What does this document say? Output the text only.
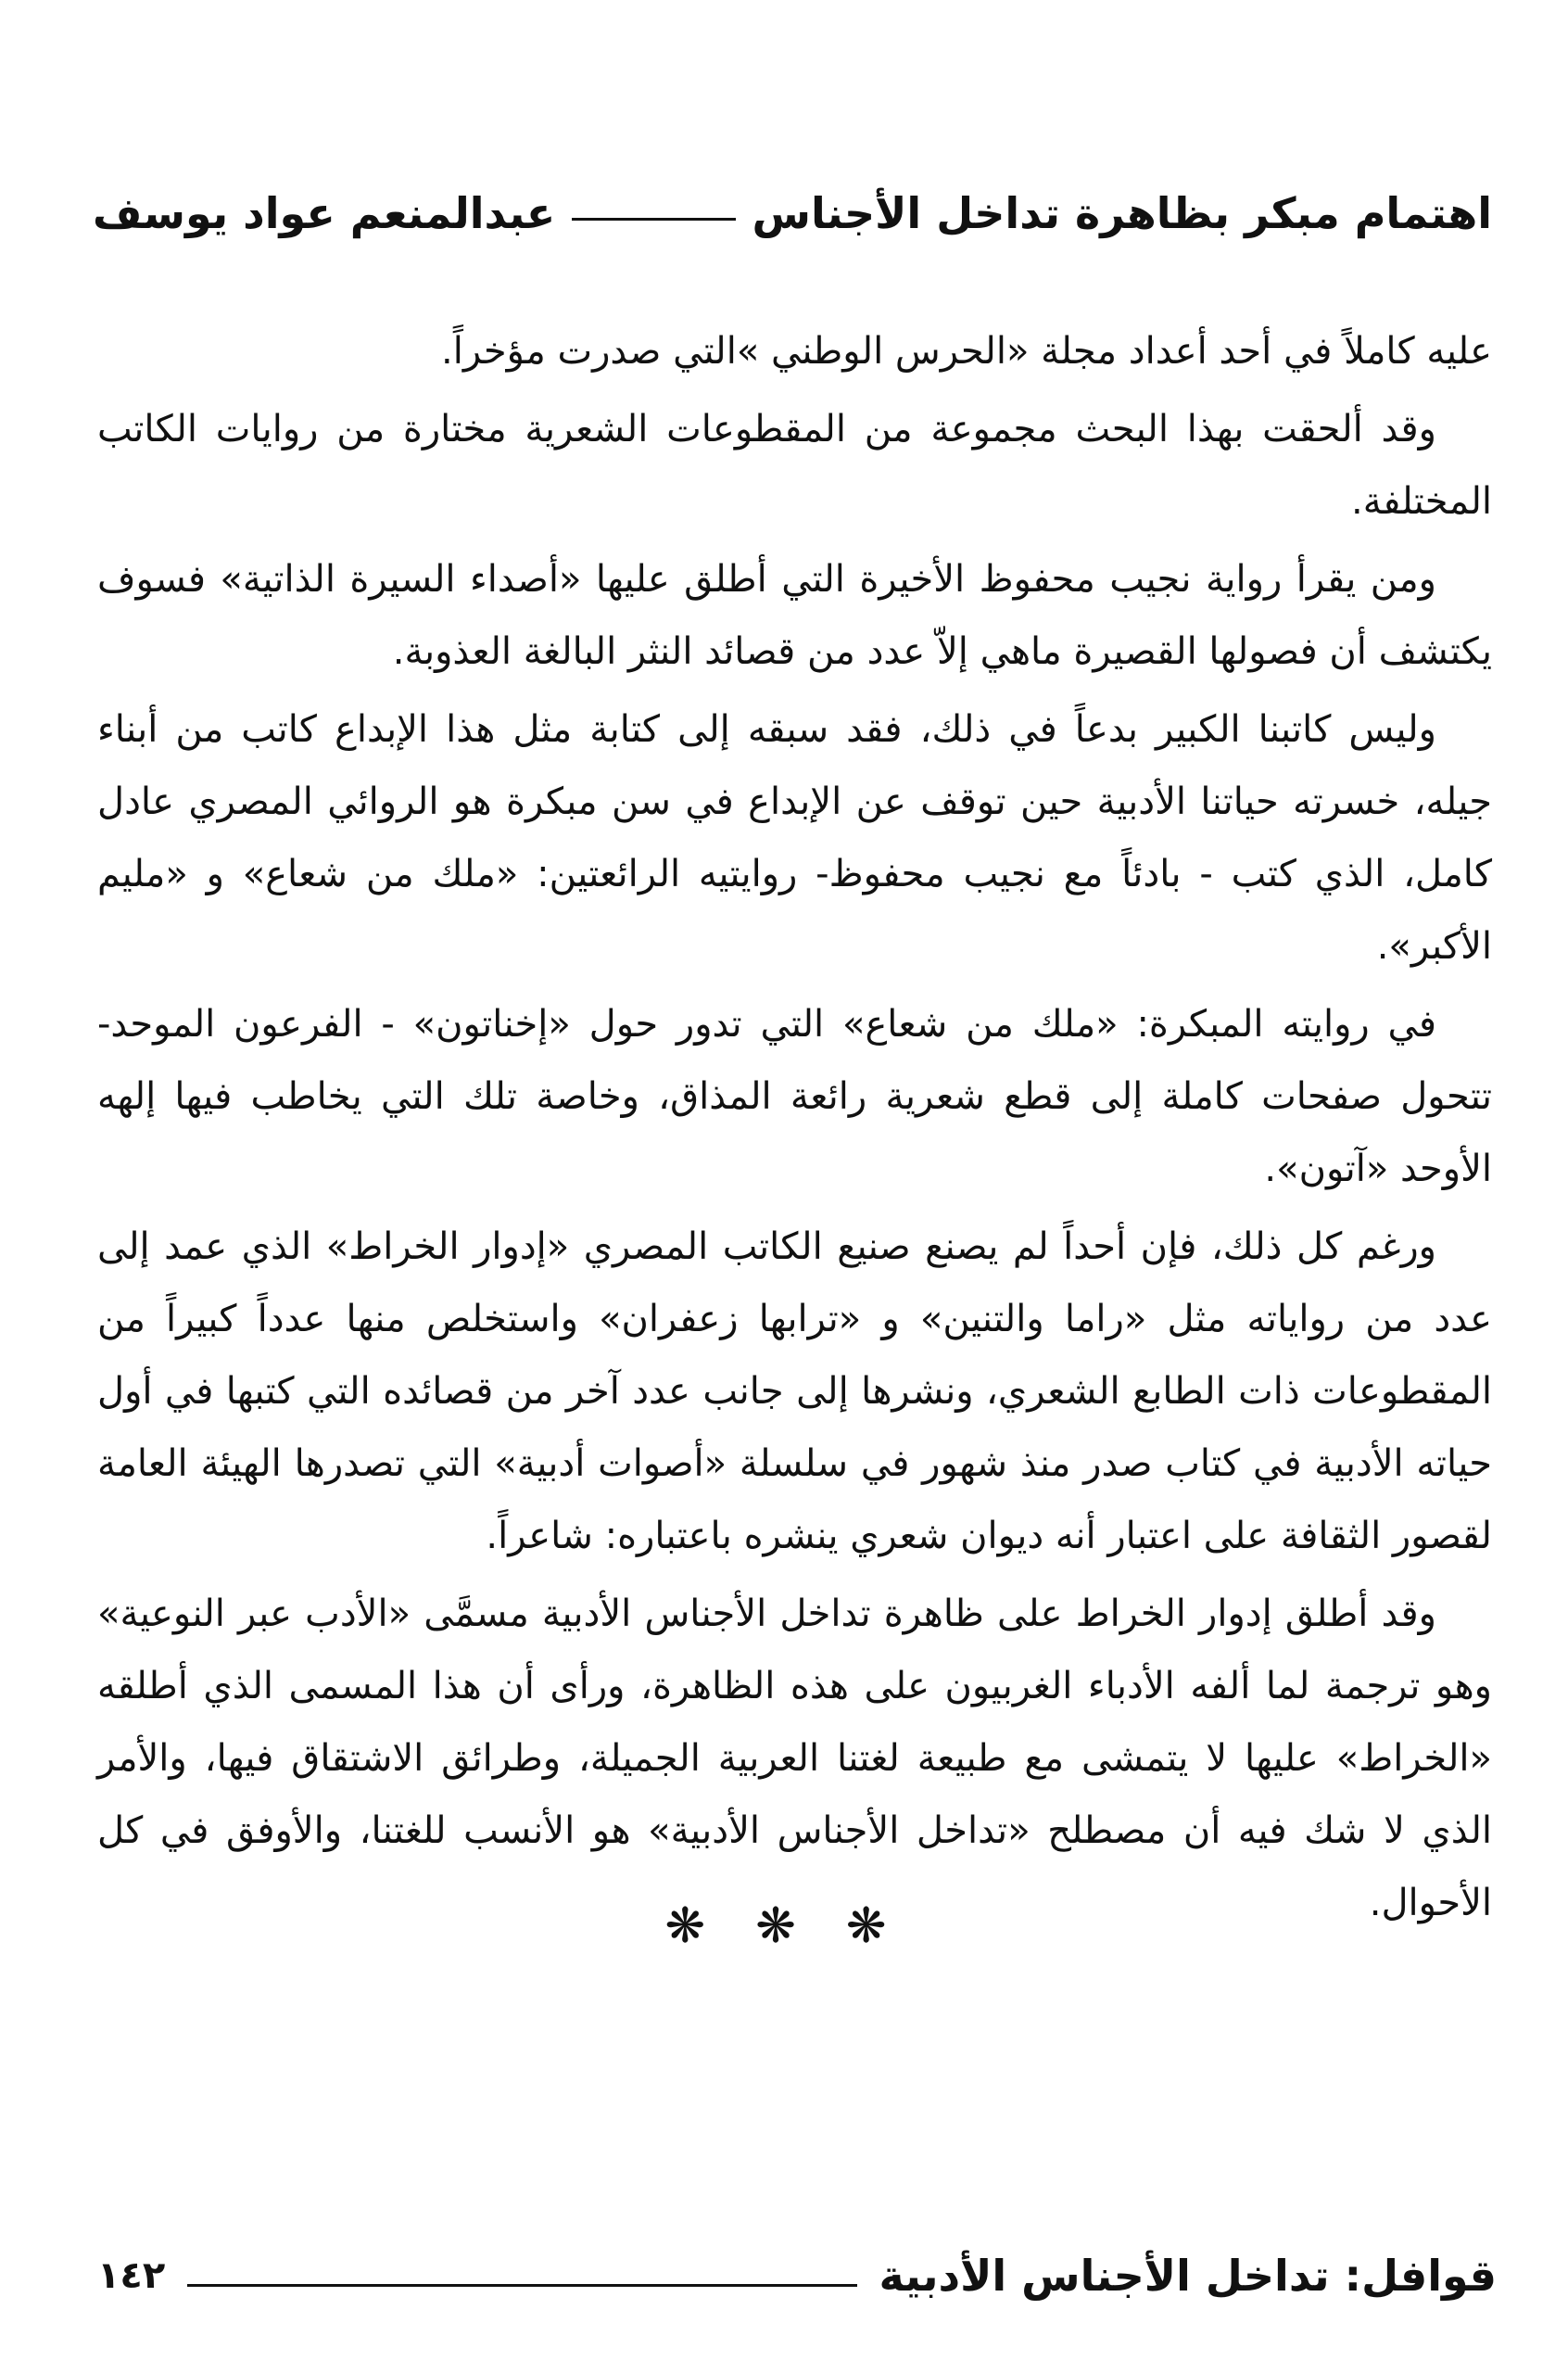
اهتمام مبكر بظاهرة تداخل الأجناس
عبدالمنعم عواد يوسف

عليه كاملاً في أحد أعداد مجلة «الحرس الوطني »التي صدرت مؤخراً.

وقد ألحقت بهذا البحث مجموعة من المقطوعات الشعرية مختارة من روايات الكاتب المختلفة.

ومن يقرأ رواية نجيب محفوظ الأخيرة التي أطلق عليها «أصداء السيرة الذاتية» فسوف يكتشف أن فصولها القصيرة ماهي إلاّ عدد من قصائد النثر البالغة العذوبة.

وليس كاتبنا الكبير بدعاً في ذلك، فقد سبقه إلى كتابة مثل هذا الإبداع كاتب من أبناء جيله، خسرته حياتنا الأدبية حين توقف عن الإبداع في سن مبكرة هو الروائي المصري عادل كامل، الذي كتب - بادئاً مع نجيب محفوظ- روايتيه الرائعتين: «ملك من شعاع» و «مليم الأكبر».

في روايته المبكرة: «ملك من شعاع» التي تدور حول «إخناتون» - الفرعون الموحد- تتحول صفحات كاملة إلى قطع شعرية رائعة المذاق، وخاصة تلك التي يخاطب فيها إلهه الأوحد «آتون».

ورغم كل ذلك، فإن أحداً لم يصنع صنيع الكاتب المصري «إدوار الخراط» الذي عمد إلى عدد من رواياته مثل «راما والتنين» و «ترابها زعفران» واستخلص منها عدداً كبيراً من المقطوعات ذات الطابع الشعري، ونشرها إلى جانب عدد آخر من قصائده التي كتبها في أول حياته الأدبية في كتاب صدر منذ شهور في سلسلة «أصوات أدبية» التي تصدرها الهيئة العامة لقصور الثقافة على اعتبار أنه ديوان شعري ينشره باعتباره: شاعراً.

وقد أطلق إدوار الخراط على ظاهرة تداخل الأجناس الأدبية مسمَّى «الأدب عبر النوعية» وهو ترجمة لما ألفه الأدباء الغربيون على هذه الظاهرة، ورأى أن هذا المسمى الذي أطلقه «الخراط» عليها لا يتمشى مع طبيعة لغتنا العربية الجميلة، وطرائق الاشتقاق فيها، والأمر الذي لا شك فيه أن مصطلح «تداخل الأجناس الأدبية» هو الأنسب للغتنا، والأوفق في كل الأحوال.

❋ ❋ ❋
قوافل: تداخل الأجناس الأدبية
١٤٢
